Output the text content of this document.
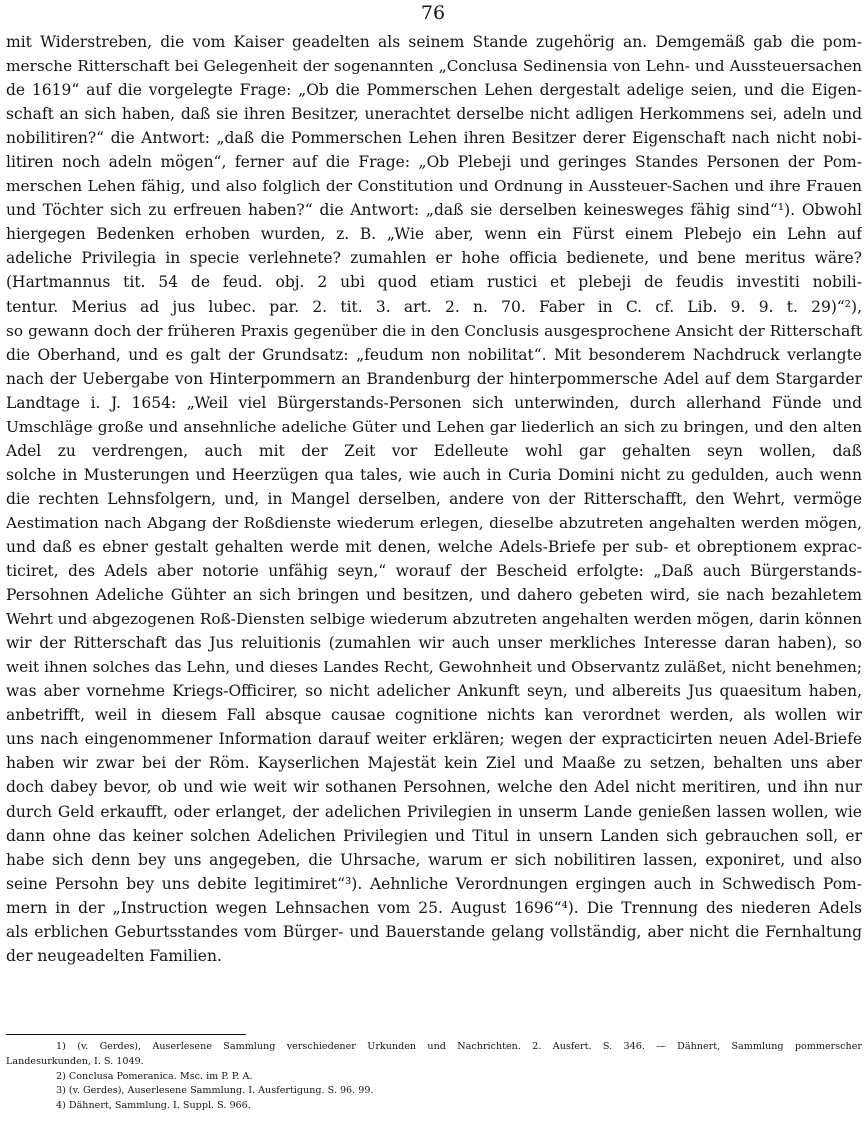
76
mit Widerstreben, die vom Kaiser geadelten als seinem Stande zugehörig an. Demgemäß gab die pom-
mersche Ritterschaft bei Gelegenheit der sogenannten „Conclusa Sedinensia von Lehn- und Aussteuersachen
de 1619“ auf die vorgelegte Frage: „Ob die Pommerschen Lehen dergestalt adelige seien, und die Eigen-
schaft an sich haben, daß sie ihren Besitzer, unerachtet derselbe nicht adligen Herkommens sei, adeln und
nobilitiren?“ die Antwort: „daß die Pommerschen Lehen ihren Besitzer derer Eigenschaft nach nicht nobi-
litiren noch adeln mögen“, ferner auf die Frage: „Ob Plebeji und geringes Standes Personen der Pom-
merschen Lehen fähig, und also folglich der Constitution und Ordnung in Aussteuer-Sachen und ihre Frauen
und Töchter sich zu erfreuen haben?“ die Antwort: „daß sie derselben keinesweges fähig sind“¹). Obwohl
hiergegen Bedenken erhoben wurden, z. B. „Wie aber, wenn ein Fürst einem Plebejo ein Lehn auf
adeliche Privilegia in specie verlehnete? zumahlen er hohe officia bedienete, und bene meritus wäre?
(Hartmannus tit. 54 de feud. obj. 2 ubi quod etiam rustici et plebeji de feudis investiti nobili-
tentur. Merius ad jus lubec. par. 2. tit. 3. art. 2. n. 70. Faber in C. cf. Lib. 9. 9. t. 29)“²),
so gewann doch der früheren Praxis gegenüber die in den Conclusis ausgesprochene Ansicht der Ritterschaft
die Oberhand, und es galt der Grundsatz: „feudum non nobilitat“. Mit besonderem Nachdruck verlangte
nach der Uebergabe von Hinterpommern an Brandenburg der hinterpommersche Adel auf dem Stargarder
Landtage i. J. 1654: „Weil viel Bürgerstands-Personen sich unterwinden, durch allerhand Fünde und
Umschläge große und ansehnliche adeliche Güter und Lehen gar liederlich an sich zu bringen, und den alten
Adel zu verdrengen, auch mit der Zeit vor Edelleute wohl gar gehalten seyn wollen, daß
solche in Musterungen und Heerzügen qua tales, wie auch in Curia Domini nicht zu gedulden, auch wenn
die rechten Lehnsfolgern, und, in Mangel derselben, andere von der Ritterschafft, den Wehrt, vermöge
Aestimation nach Abgang der Roßdienste wiederum erlegen, dieselbe abzutreten angehalten werden mögen,
und daß es ebner gestalt gehalten werde mit denen, welche Adels-Briefe per sub- et obreptionem exprac-
ticiret, des Adels aber notorie unfähig seyn,“ worauf der Bescheid erfolgte: „Daß auch Bürgerstands-
Persohnen Adeliche Gühter an sich bringen und besitzen, und dahero gebeten wird, sie nach bezahletem
Wehrt und abgezogenen Roß-Diensten selbige wiederum abzutreten angehalten werden mögen, darin können
wir der Ritterschaft das Jus reluitionis (zumahlen wir auch unser merkliches Interesse daran haben), so
weit ihnen solches das Lehn, und dieses Landes Recht, Gewohnheit und Observantz zuläßet, nicht benehmen;
was aber vornehme Kriegs-Officirer, so nicht adelicher Ankunft seyn, und albereits Jus quaesitum haben,
anbetrifft, weil in diesem Fall absque causae cognitione nichts kan verordnet werden, als wollen wir
uns nach eingenommener Information darauf weiter erklären; wegen der expracticirten neuen Adel-Briefe
haben wir zwar bei der Röm. Kayserlichen Majestät kein Ziel und Maaße zu setzen, behalten uns aber
doch dabey bevor, ob und wie weit wir sothanen Persohnen, welche den Adel nicht meritiren, und ihn nur
durch Geld erkaufft, oder erlanget, der adelichen Privilegien in unserm Lande genießen lassen wollen, wie
dann ohne das keiner solchen Adelichen Privilegien und Titul in unsern Landen sich gebrauchen soll, er
habe sich denn bey uns angegeben, die Uhrsache, warum er sich nobilitiren lassen, exponiret, und also
seine Persohn bey uns debite legitimiret“³). Aehnliche Verordnungen ergingen auch in Schwedisch Pom-
mern in der „Instruction wegen Lehnsachen vom 25. August 1696“⁴). Die Trennung des niederen Adels
als erblichen Geburtsstandes vom Bürger- und Bauerstande gelang vollständig, aber nicht die Fernhaltung
der neugeadelten Familien.
1) (v. Gerdes), Auserlesene Sammlung verschiedener Urkunden und Nachrichten. 2. Ausfert. S. 346. — Dähnert, Sammlung pommerscher
Landesurkunden, I. S. 1049.
2) Conclusa Pomeranica. Msc. im P. P. A.
3) (v. Gerdes), Auserlesene Sammlung. I. Ausfertigung. S. 96. 99.
4) Dähnert, Sammlung. I. Suppl. S. 966.
